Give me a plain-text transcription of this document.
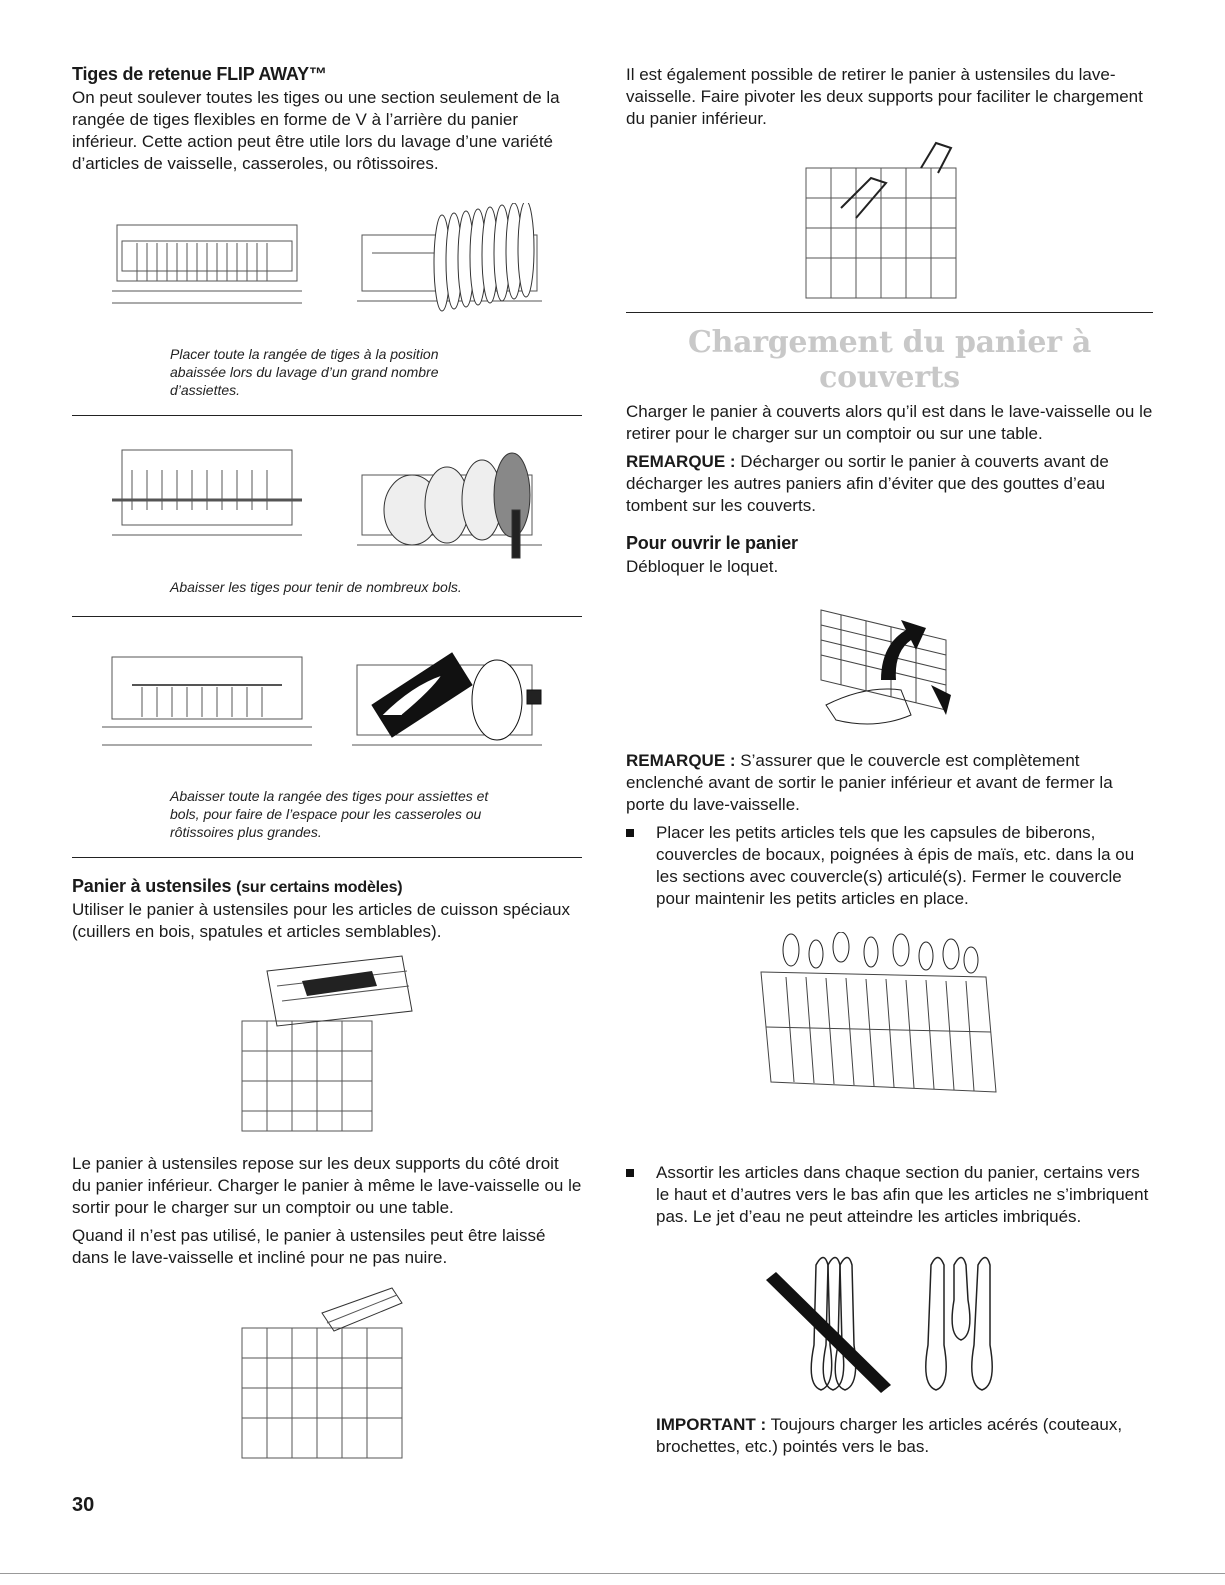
Tiges de retenue FLIP AWAY™

On peut soulever toutes les tiges ou une section seulement de la rangée de tiges flexibles en forme de V à l’arrière du panier inférieur. Cette action peut être utile lors du lavage d’une variété d’articles de vaisselle, casseroles, ou rôtissoires.

Placer toute la rangée de tiges à la position abaissée lors du lavage d’un grand nombre d’assiettes.

Abaisser les tiges pour tenir de nombreux bols.

Abaisser toute la rangée des tiges pour assiettes et bols, pour faire de l’espace pour les casseroles ou rôtissoires plus grandes.

Panier à ustensiles (sur certains modèles)

Utiliser le panier à ustensiles pour les articles de cuisson spéciaux (cuillers en bois, spatules et articles semblables).

Le panier à ustensiles repose sur les deux supports du côté droit du panier inférieur. Charger le panier à même le lave-vaisselle ou le sortir pour le charger sur un comptoir ou une table.

Quand il n’est pas utilisé, le panier à ustensiles peut être laissé dans le lave-vaisselle et incliné pour ne pas nuire.

Il est également possible de retirer le panier à ustensiles du lave-vaisselle. Faire pivoter les deux supports pour faciliter le chargement du panier inférieur.

Chargement du panier à couverts

Charger le panier à couverts alors qu’il est dans le lave-vaisselle ou le retirer pour le charger sur un comptoir ou sur une table.

REMARQUE : Décharger ou sortir le panier à couverts avant de décharger les autres paniers afin d’éviter que des gouttes d’eau tombent sur les couverts.

Pour ouvrir le panier

Débloquer le loquet.

REMARQUE : S’assurer que le couvercle est complètement enclenché avant de sortir le panier inférieur et avant de fermer la porte du lave-vaisselle.

Placer les petits articles tels que les capsules de biberons, couvercles de bocaux, poignées à épis de maïs, etc. dans la ou les sections avec couvercle(s) articulé(s). Fermer le couvercle pour maintenir les petits articles en place.
Assortir les articles dans chaque section du panier, certains vers le haut et d’autres vers le bas afin que les articles ne s’imbriquent pas. Le jet d’eau ne peut atteindre les articles imbriqués.

IMPORTANT : Toujours charger les articles acérés (couteaux, brochettes, etc.) pointés vers le bas.

30
